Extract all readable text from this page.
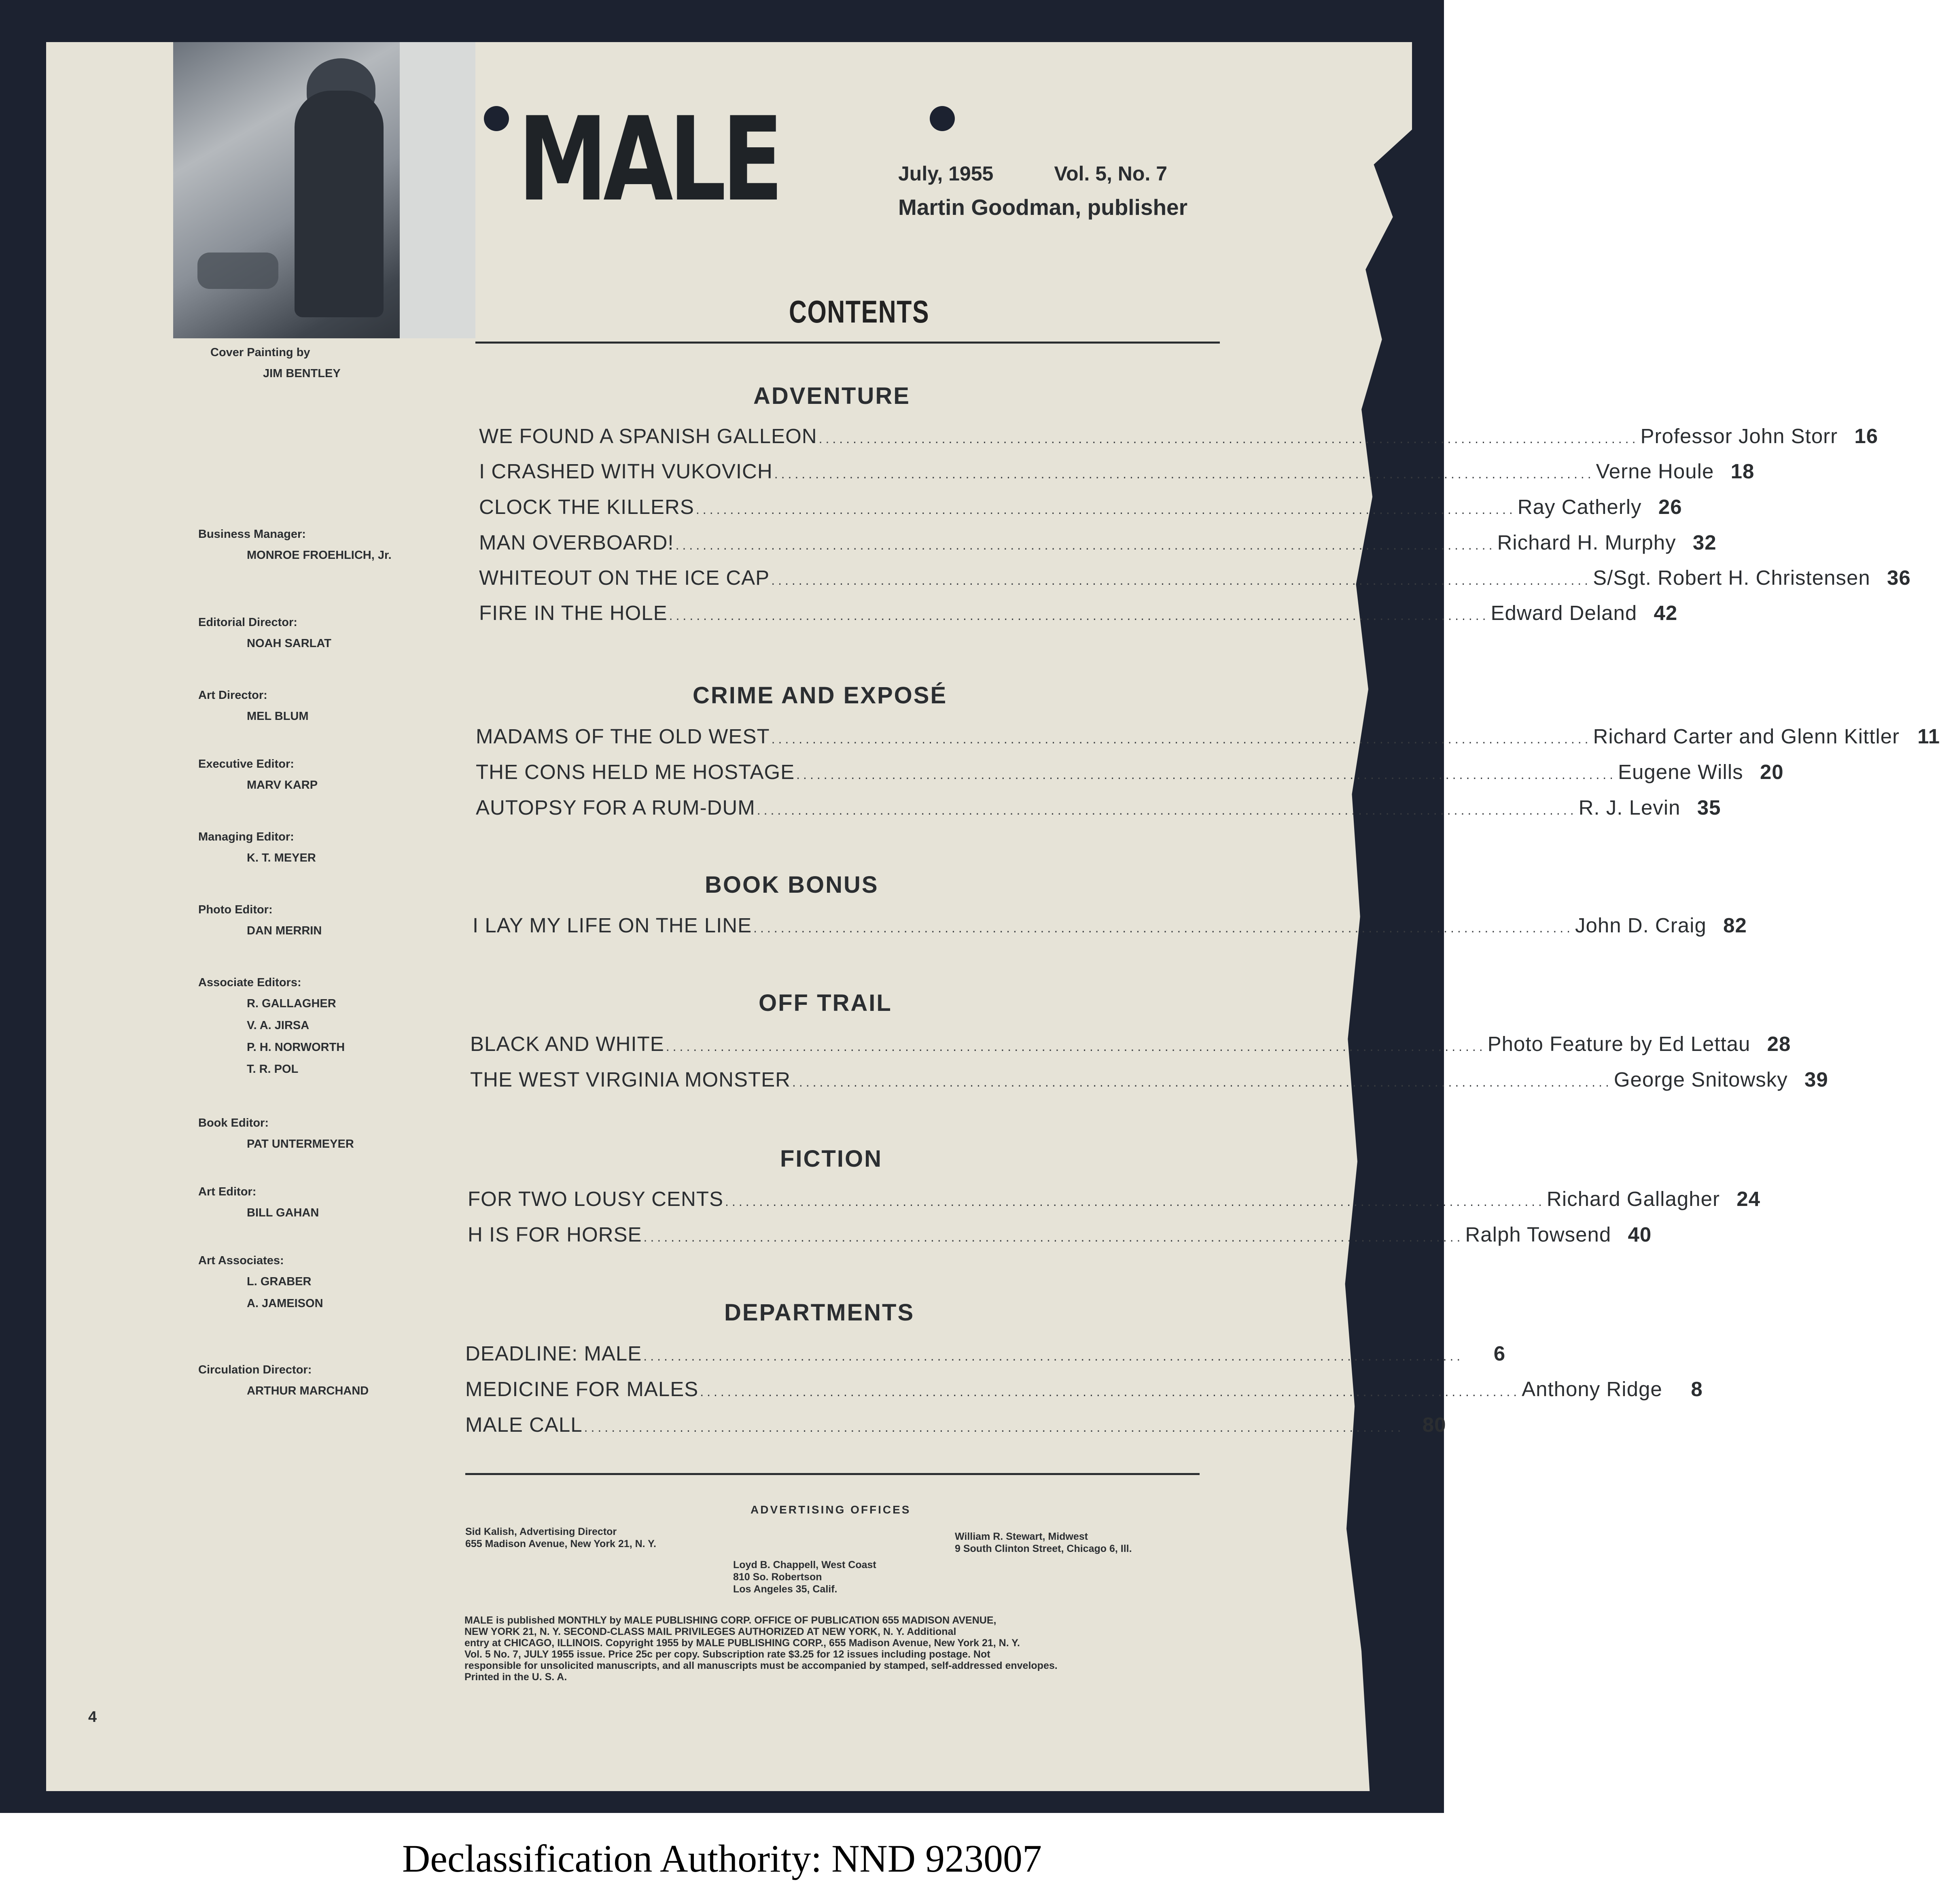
MALE	July, 1955	Vol. 5, No. 7
Martin Goodman, publisher
CONTENTS
Cover Painting by
JIM BENTLEY
Business Manager:
MONROE FROEHLICH, Jr.
Editorial Director:
NOAH SARLAT
Art Director:
MEL BLUM
Executive Editor:
MARV KARP
Managing Editor:
K. T. MEYER
Photo Editor:
DAN MERRIN
Associate Editors:
R. GALLAGHER
V. A. JIRSA
P. H. NORWORTH
T. R. POL
Book Editor:
PAT UNTERMEYER
Art Editor:
BILL GAHAN
Art Associates:
L. GRABER
A. JAMEISON
Circulation Director:
ARTHUR MARCHAND
ADVENTURE
WE FOUND A SPANISH GALLEON ........................................................................................................................ Professor John Storr 16
I CRASHED WITH VUKOVICH ........................................................................................................................ Verne Houle 18
CLOCK THE KILLERS ........................................................................................................................ Ray Catherly 26
MAN OVERBOARD! ........................................................................................................................ Richard H. Murphy 32
WHITEOUT ON THE ICE CAP ........................................................................................................................ S/Sgt. Robert H. Christensen 36
FIRE IN THE HOLE ........................................................................................................................ Edward Deland 42
CRIME AND EXPOSÉ
MADAMS OF THE OLD WEST ........................................................................................................................ Richard Carter and Glenn Kittler 11
THE CONS HELD ME HOSTAGE ........................................................................................................................ Eugene Wills 20
AUTOPSY FOR A RUM-DUM ........................................................................................................................ R. J. Levin 35
BOOK BONUS
I LAY MY LIFE ON THE LINE ........................................................................................................................ John D. Craig 82
OFF TRAIL
BLACK AND WHITE ........................................................................................................................ Photo Feature by Ed Lettau 28
THE WEST VIRGINIA MONSTER ........................................................................................................................ George Snitowsky 39
FICTION
FOR TWO LOUSY CENTS ........................................................................................................................ Richard Gallagher 24
H IS FOR HORSE ........................................................................................................................ Ralph Towsend 40
DEPARTMENTS
DEADLINE: MALE ........................................................................................................................	6
MEDICINE FOR MALES ........................................................................................................................ Anthony Ridge	8
MALE CALL ........................................................................................................................ 80
ADVERTISING OFFICES
Sid Kalish, Advertising Director
655 Madison Avenue, New York 21, N. Y.
William R. Stewart, Midwest
9 South Clinton Street, Chicago 6, Ill.
Loyd B. Chappell, West Coast
810 So. Robertson
Los Angeles 35, Calif.
MALE is published MONTHLY by MALE PUBLISHING CORP. OFFICE OF PUBLICATION 655 MADISON AVENUE,
NEW YORK 21, N. Y. SECOND-CLASS MAIL PRIVILEGES AUTHORIZED AT NEW YORK, N. Y. Additional
entry at CHICAGO, ILLINOIS. Copyright 1955 by MALE PUBLISHING CORP., 655 Madison Avenue, New York 21, N. Y.
Vol. 5 No. 7, JULY 1955 issue. Price 25c per copy. Subscription rate $3.25 for 12 issues including postage. Not
responsible for unsolicited manuscripts, and all manuscripts must be accompanied by stamped, self-addressed envelopes.
Printed in the U. S. A.
4
Declassification Authority: NND 923007
